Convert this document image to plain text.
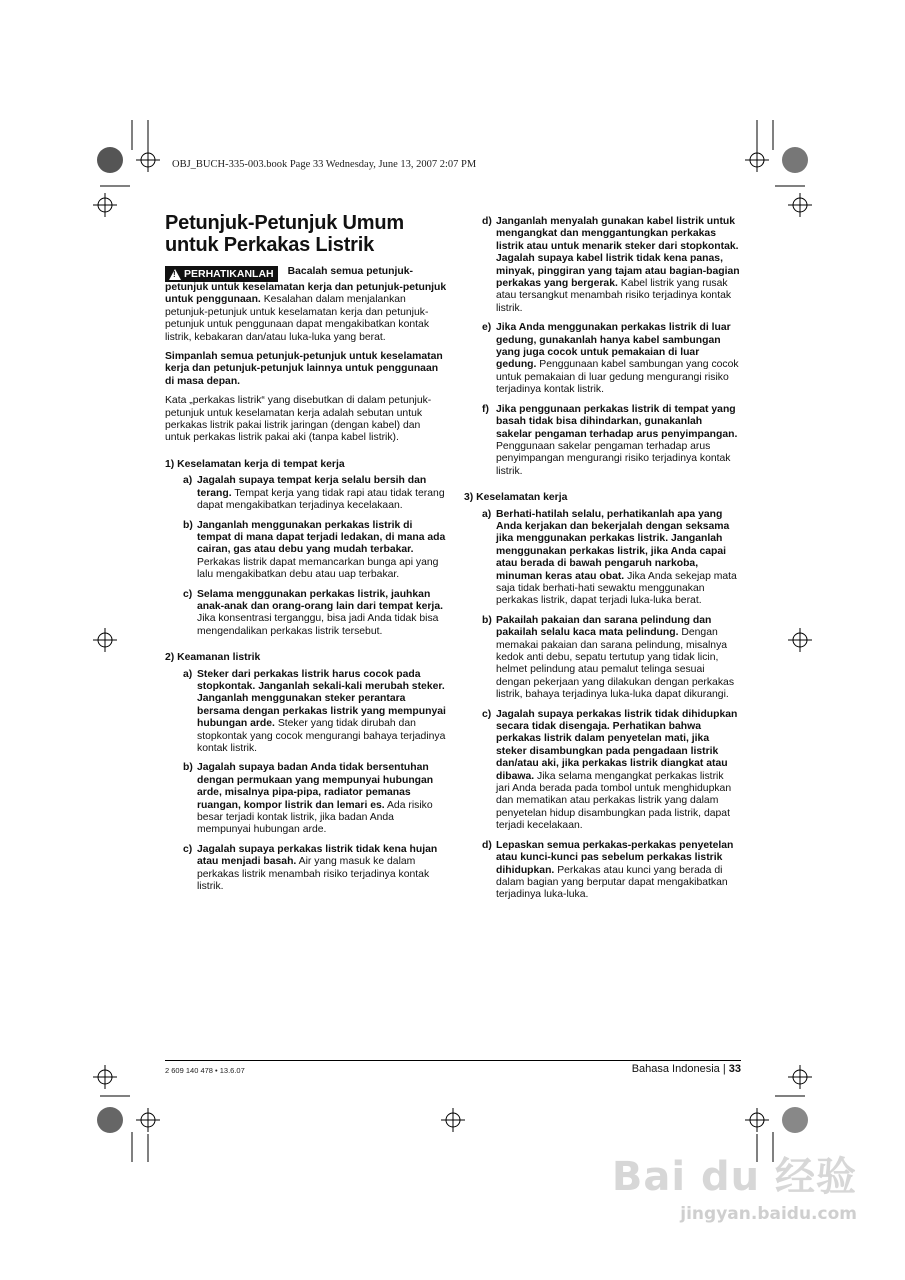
OBJ_BUCH-335-003.book Page 33 Wednesday, June 13, 2007 2:07 PM
Petunjuk-Petunjuk Umum
untuk Perkakas Listrik

! PERHATIKANLAH Bacalah semua petunjuk-petunjuk untuk keselamatan kerja dan petunjuk-petunjuk untuk penggunaan. Kesalahan dalam menjalankan petunjuk-petunjuk untuk keselamatan kerja dan petunjuk-petunjuk untuk penggunaan dapat mengakibatkan kontak listrik, kebakaran dan/atau luka-luka yang berat.

Simpanlah semua petunjuk-petunjuk untuk keselamatan kerja dan petunjuk-petunjuk lainnya untuk penggunaan di masa depan.

Kata „perkakas listrik“ yang disebutkan di dalam petunjuk-petunjuk untuk keselamatan kerja adalah sebutan untuk perkakas listrik pakai listrik jaringan (dengan kabel) dan untuk perkakas listrik pakai aki (tanpa kabel listrik).

1) Keselamatan kerja di tempat kerja
a) Jagalah supaya tempat kerja selalu bersih dan terang. Tempat kerja yang tidak rapi atau tidak terang dapat mengakibatkan terjadinya kecelakaan.
b) Janganlah menggunakan perkakas listrik di tempat di mana dapat terjadi ledakan, di mana ada cairan, gas atau debu yang mudah terbakar. Perkakas listrik dapat memancarkan bunga api yang lalu mengakibatkan debu atau uap terbakar.
c) Selama menggunakan perkakas listrik, jauhkan anak-anak dan orang-orang lain dari tempat kerja. Jika konsentrasi terganggu, bisa jadi Anda tidak bisa mengendalikan perkakas listrik tersebut.
2) Keamanan listrik
a) Steker dari perkakas listrik harus cocok pada stopkontak. Janganlah sekali-kali merubah steker. Janganlah menggunakan steker perantara bersama dengan perkakas listrik yang mempunyai hubungan arde. Steker yang tidak dirubah dan stopkontak yang cocok mengurangi bahaya terjadinya kontak listrik.
b) Jagalah supaya badan Anda tidak bersentuhan dengan permukaan yang mempunyai hubungan arde, misalnya pipa-pipa, radiator pemanas ruangan, kompor listrik dan lemari es. Ada risiko besar terjadi kontak listrik, jika badan Anda mempunyai hubungan arde.
c) Jagalah supaya perkakas listrik tidak kena hujan atau menjadi basah. Air yang masuk ke dalam perkakas listrik menambah risiko terjadinya kontak listrik.
d) Janganlah menyalah gunakan kabel listrik untuk mengangkat dan menggantungkan perkakas listrik atau untuk menarik steker dari stopkontak. Jagalah supaya kabel listrik tidak kena panas, minyak, pinggiran yang tajam atau bagian-bagian perkakas yang bergerak. Kabel listrik yang rusak atau tersangkut menambah risiko terjadinya kontak listrik.
e) Jika Anda menggunakan perkakas listrik di luar gedung, gunakanlah hanya kabel sambungan yang juga cocok untuk pemakaian di luar gedung. Penggunaan kabel sambungan yang cocok untuk pemakaian di luar gedung mengurangi risiko terjadinya kontak listrik.
f) Jika penggunaan perkakas listrik di tempat yang basah tidak bisa dihindarkan, gunakanlah sakelar pengaman terhadap arus penyimpangan. Penggunaan sakelar pengaman terhadap arus penyimpangan mengurangi risiko terjadinya kontak listrik.
3) Keselamatan kerja
a) Berhati-hatilah selalu, perhatikanlah apa yang Anda kerjakan dan bekerjalah dengan seksama jika menggunakan perkakas listrik. Janganlah menggunakan perkakas listrik, jika Anda capai atau berada di bawah pengaruh narkoba, minuman keras atau obat. Jika Anda sekejap mata saja tidak berhati-hati sewaktu menggunakan perkakas listrik, dapat terjadi luka-luka berat.
b) Pakailah pakaian dan sarana pelindung dan pakailah selalu kaca mata pelindung. Dengan memakai pakaian dan sarana pelindung, misalnya kedok anti debu, sepatu tertutup yang tidak licin, helmet pelindung atau pemalut telinga sesuai dengan pekerjaan yang dilakukan dengan perkakas listrik, bahaya terjadinya luka-luka dapat dikurangi.
c) Jagalah supaya perkakas listrik tidak dihidupkan secara tidak disengaja. Perhatikan bahwa perkakas listrik dalam penyetelan mati, jika steker disambungkan pada pengadaan listrik dan/atau aki, jika perkakas listrik diangkat atau dibawa. Jika selama mengangkat perkakas listrik jari Anda berada pada tombol untuk menghidupkan dan mematikan atau perkakas listrik yang dalam penyetelan hidup disambungkan pada listrik, dapat terjadi kecelakaan.
d) Lepaskan semua perkakas-perkakas penyetelan atau kunci-kunci pas sebelum perkakas listrik dihidupkan. Perkakas atau kunci yang berada di dalam bagian yang berputar dapat mengakibatkan terjadinya luka-luka.
2 609 140 478 • 13.6.07	Bahasa Indonesia | 33
Bai du 经验
jingyan.baidu.com
